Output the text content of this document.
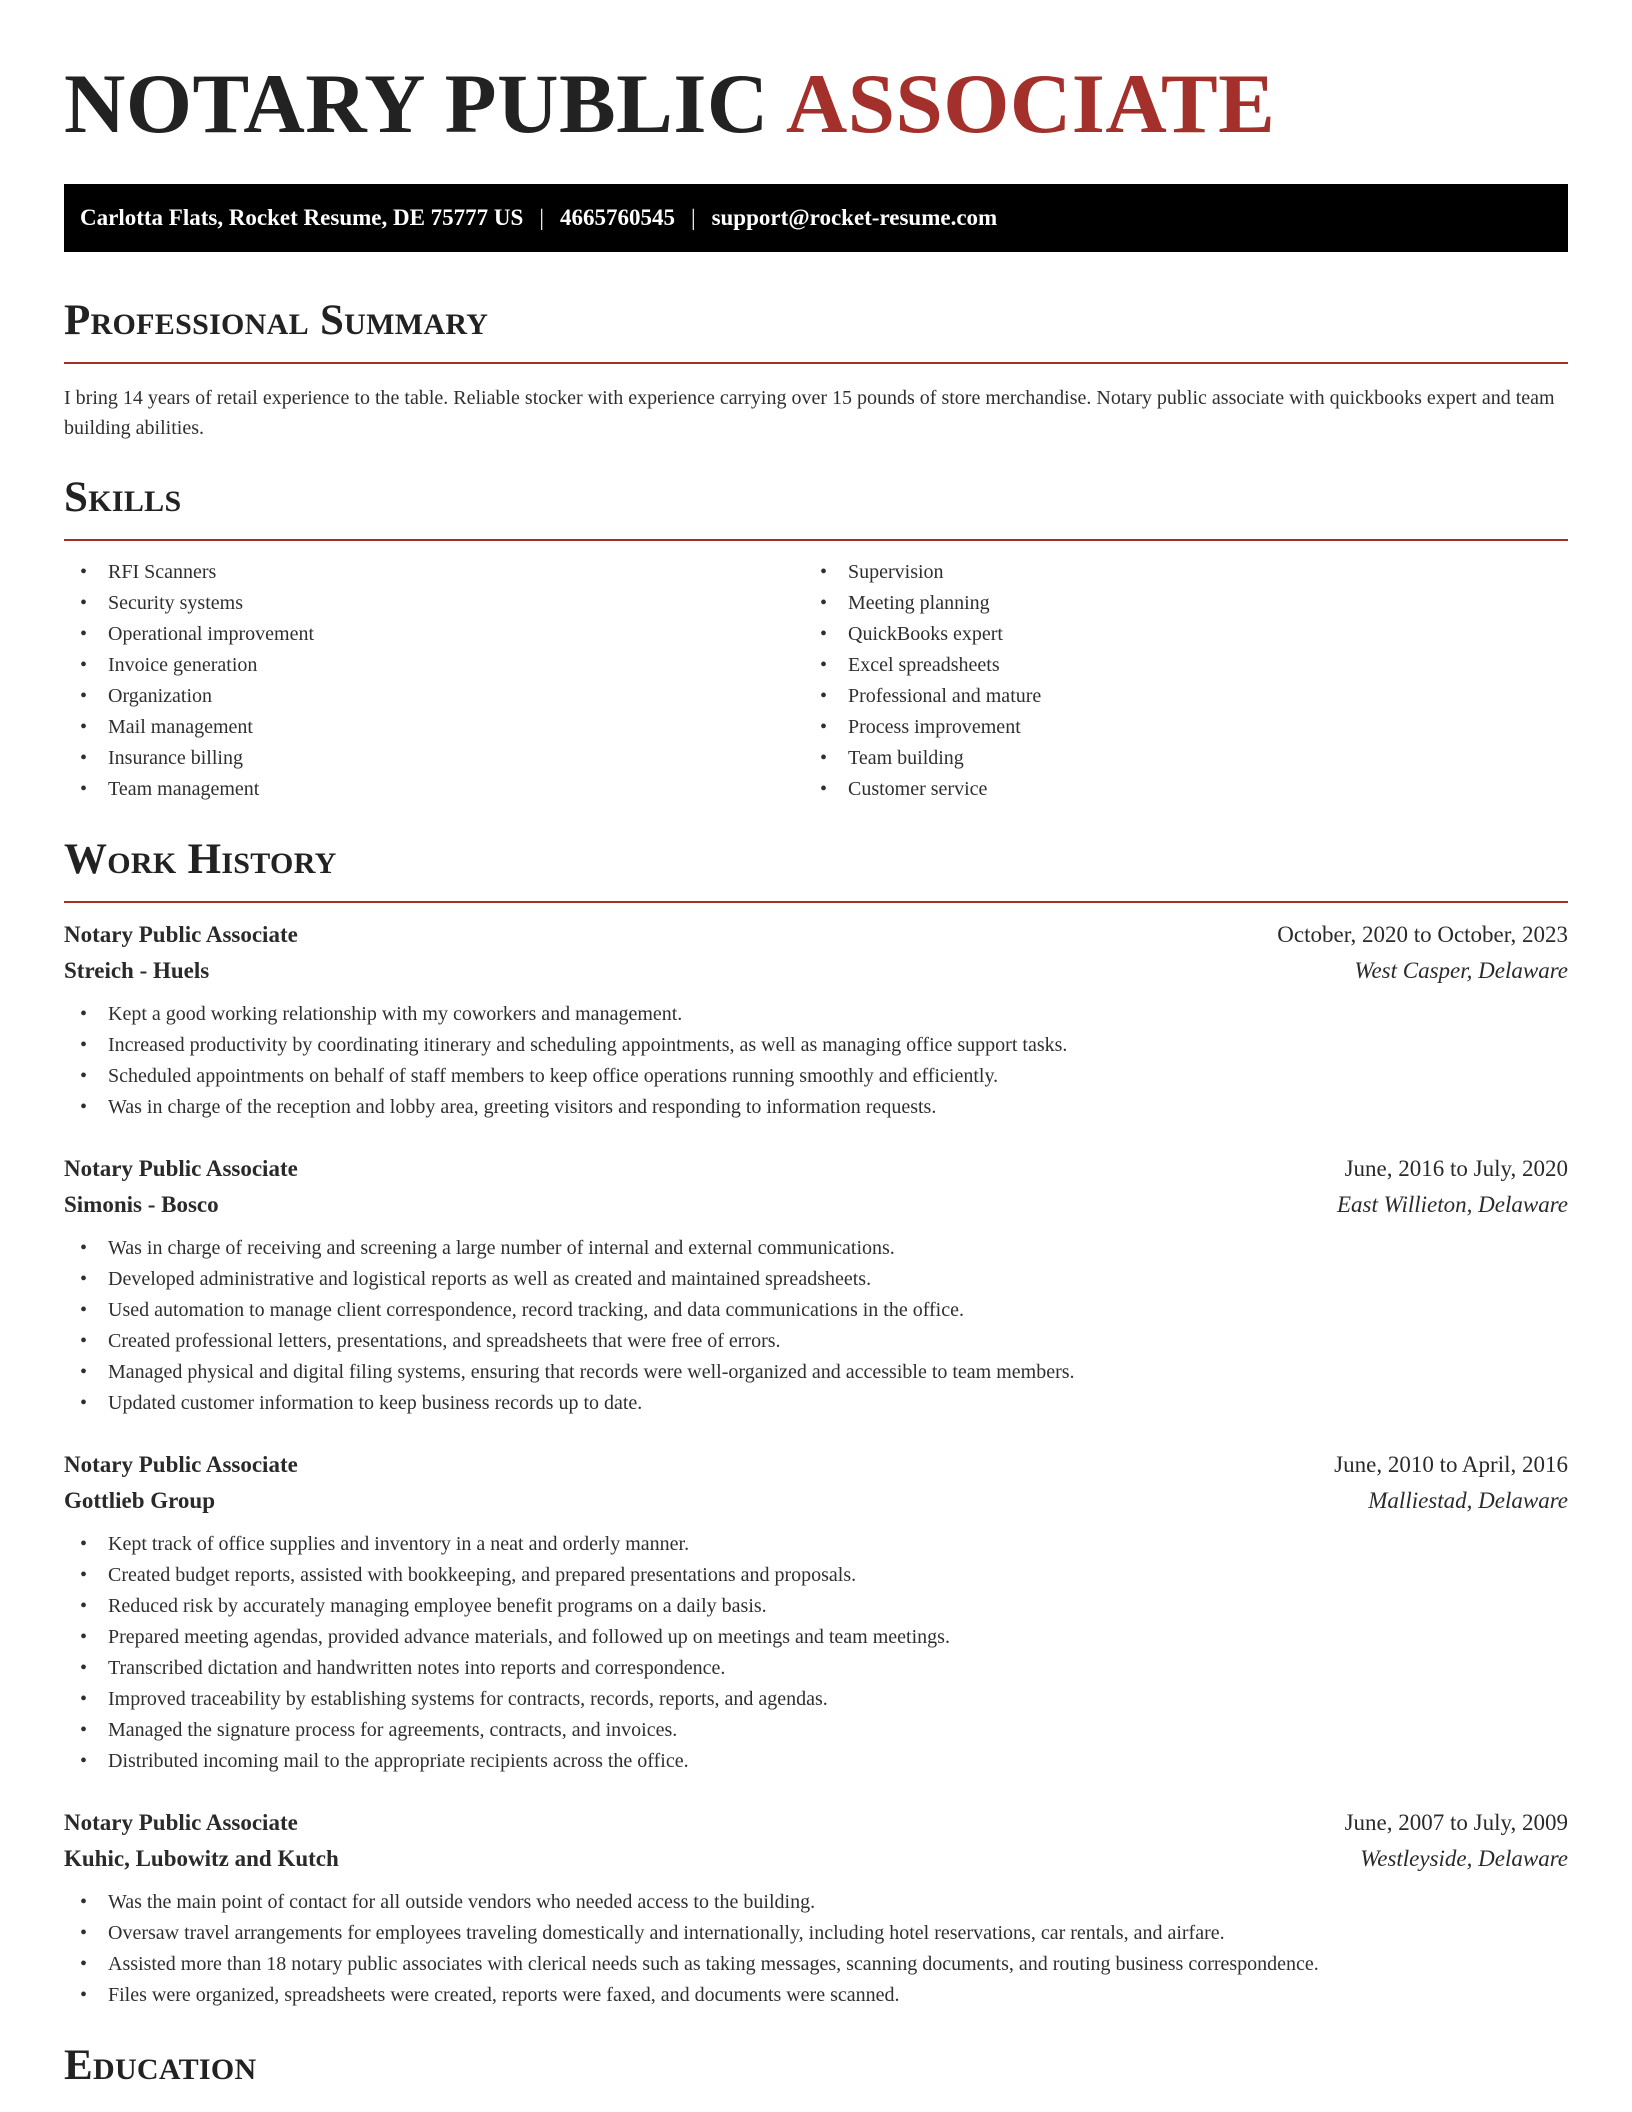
NOTARY PUBLIC ASSOCIATE
Carlotta Flats, Rocket Resume, DE 75777 US | 4665760545 | support@rocket-resume.com
Professional Summary

I bring 14 years of retail experience to the table. Reliable stocker with experience carrying over 15 pounds of store merchandise. Notary public associate with quickbooks expert and team building abilities.

Skills
• RFI Scanners
• Security systems
• Operational improvement
• Invoice generation
• Organization
• Mail management
• Insurance billing
• Team management
• Supervision
• Meeting planning
• QuickBooks expert
• Excel spreadsheets
• Professional and mature
• Process improvement
• Team building
• Customer service
Work History
Notary Public Associate	October, 2020 to October, 2023
Streich - Huels	West Casper, Delaware
• Kept a good working relationship with my coworkers and management.
• Increased productivity by coordinating itinerary and scheduling appointments, as well as managing office support tasks.
• Scheduled appointments on behalf of staff members to keep office operations running smoothly and efficiently.
• Was in charge of the reception and lobby area, greeting visitors and responding to information requests.
Notary Public Associate	June, 2016 to July, 2020
Simonis - Bosco	East Willieton, Delaware
• Was in charge of receiving and screening a large number of internal and external communications.
• Developed administrative and logistical reports as well as created and maintained spreadsheets.
• Used automation to manage client correspondence, record tracking, and data communications in the office.
• Created professional letters, presentations, and spreadsheets that were free of errors.
• Managed physical and digital filing systems, ensuring that records were well-organized and accessible to team members.
• Updated customer information to keep business records up to date.
Notary Public Associate	June, 2010 to April, 2016
Gottlieb Group	Malliestad, Delaware
• Kept track of office supplies and inventory in a neat and orderly manner.
• Created budget reports, assisted with bookkeeping, and prepared presentations and proposals.
• Reduced risk by accurately managing employee benefit programs on a daily basis.
• Prepared meeting agendas, provided advance materials, and followed up on meetings and team meetings.
• Transcribed dictation and handwritten notes into reports and correspondence.
• Improved traceability by establishing systems for contracts, records, reports, and agendas.
• Managed the signature process for agreements, contracts, and invoices.
• Distributed incoming mail to the appropriate recipients across the office.
Notary Public Associate	June, 2007 to July, 2009
Kuhic, Lubowitz and Kutch	Westleyside, Delaware
• Was the main point of contact for all outside vendors who needed access to the building.
• Oversaw travel arrangements for employees traveling domestically and internationally, including hotel reservations, car rentals, and airfare.
• Assisted more than 18 notary public associates with clerical needs such as taking messages, scanning documents, and routing business correspondence.
• Files were organized, spreadsheets were created, reports were faxed, and documents were scanned.
Education
